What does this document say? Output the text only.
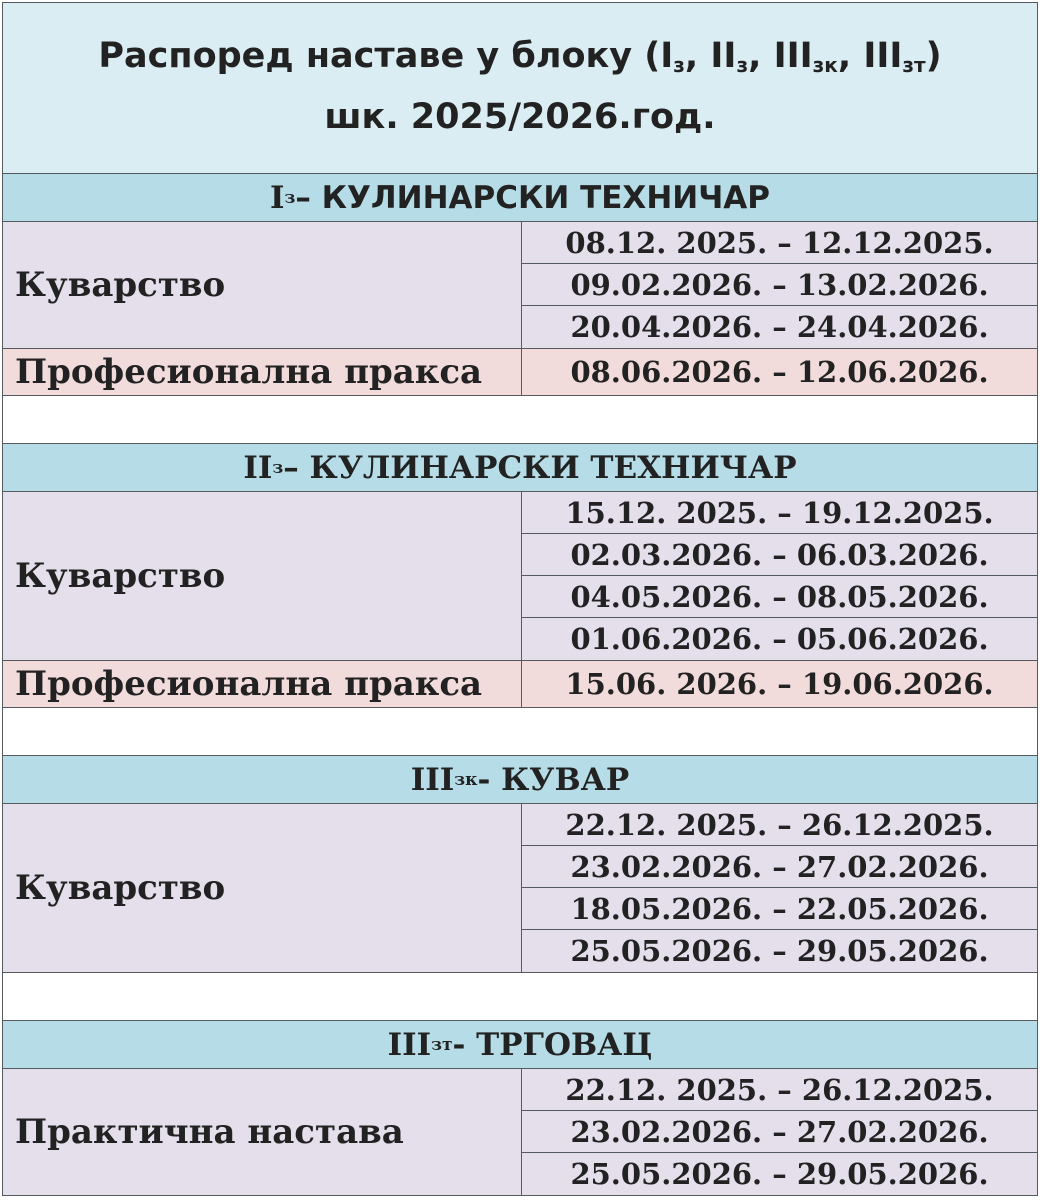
Распоред наставе у блоку ($I_з$, $II_з$, $III_{зк}$, $III_{зт}$)
шк. 2025/2026.год.
I з – КУЛИНАРСКИ ТЕХНИЧАР
Куварство
08.12. 2025. – 12.12.2025.
09.02.2026. – 13.02.2026.
20.04.2026. – 24.04.2026.
Професионална пракса	08.06.2026. – 12.06.2026.
II з – КУЛИНАРСКИ ТЕХНИЧАР
Куварство
15.12. 2025. – 19.12.2025.
02.03.2026. – 06.03.2026.
04.05.2026. – 08.05.2026.
01.06.2026. – 05.06.2026.
Професионална пракса	15.06. 2026. – 19.06.2026.
III зк - КУВАР
Куварство
22.12. 2025. – 26.12.2025.
23.02.2026. – 27.02.2026.
18.05.2026. – 22.05.2026.
25.05.2026. – 29.05.2026.
III зт - ТРГОВАЦ
Практична настава
22.12. 2025. – 26.12.2025.
23.02.2026. – 27.02.2026.
25.05.2026. – 29.05.2026.
